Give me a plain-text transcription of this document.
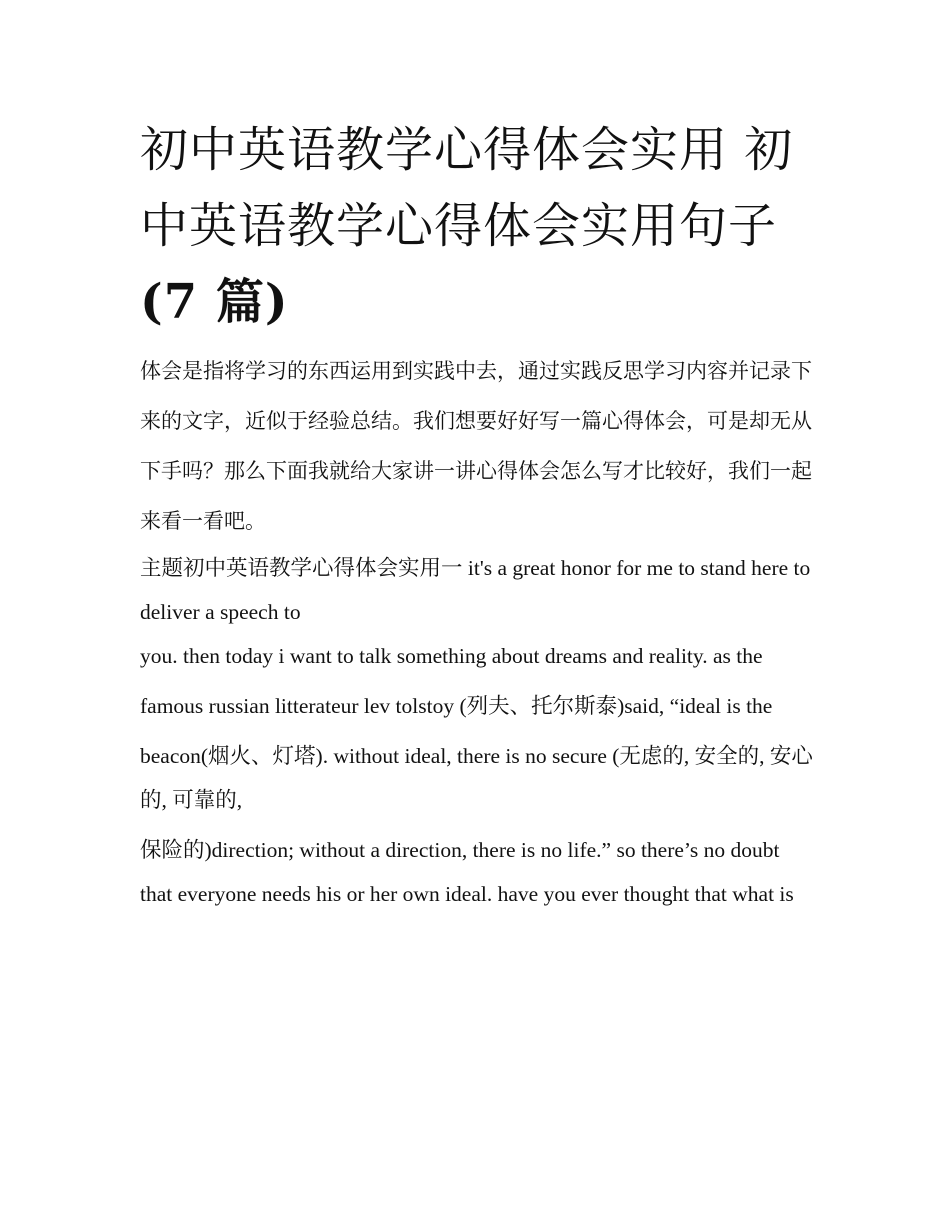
初中英语教学心得体会实用 初中英语教学心得体会实用句子
(7 篇)

体会是指将学习的东西运用到实践中去，通过实践反思学习内容并记录下来的文字，近似于经验总结。我们想要好好写一篇心得体会，可是却无从下手吗？那么下面我就给大家讲一讲心得体会怎么写才比较好，我们一起来看一看吧。

主题初中英语教学心得体会实用一 it's a great honor for me to stand here to deliver a speech to

you. then today i want to talk something about dreams and reality. as the

famous russian litterateur lev tolstoy (列夫、托尔斯泰)said, “ideal is the

beacon(烟火、灯塔). without ideal, there is no secure (无虑的, 安全的, 安心的, 可靠的,

保险的)direction; without a direction, there is no life.” so there’s no doubt

that everyone needs his or her own ideal. have you ever thought that what is
